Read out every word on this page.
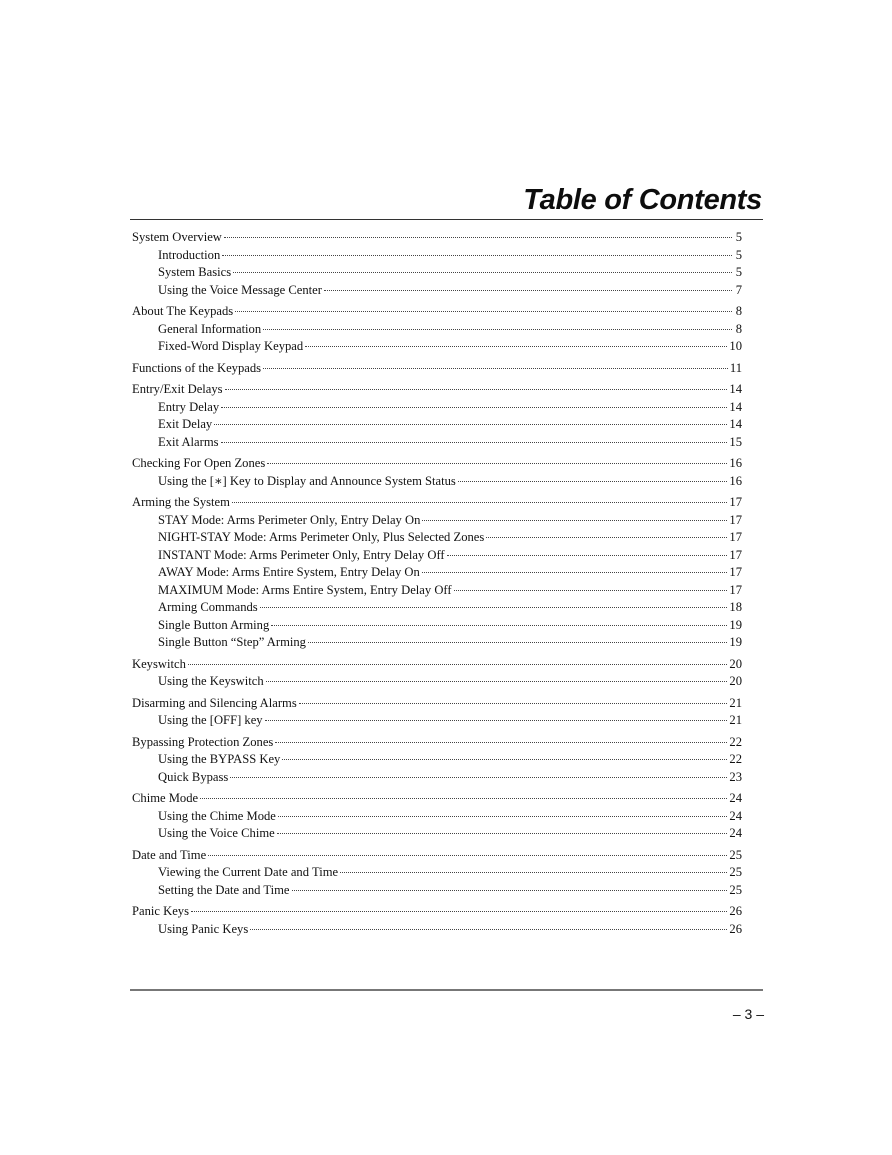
Table of Contents
System Overview	5
Introduction	5
System Basics	5
Using the Voice Message Center	7
About The Keypads	8
General Information	8
Fixed-Word Display Keypad	10
Functions of the Keypads	11
Entry/Exit Delays	14
Entry Delay	14
Exit Delay	14
Exit Alarms	15
Checking For Open Zones	16
Using the [∗] Key to Display and Announce System Status	16
Arming the System	17
STAY Mode: Arms Perimeter Only, Entry Delay On	17
NIGHT-STAY Mode: Arms Perimeter Only, Plus Selected Zones	17
INSTANT Mode: Arms Perimeter Only, Entry Delay Off	17
AWAY Mode: Arms Entire System, Entry Delay On	17
MAXIMUM Mode: Arms Entire System, Entry Delay Off	17
Arming Commands	18
Single Button Arming	19
Single Button “Step” Arming	19
Keyswitch	20
Using the Keyswitch	20
Disarming and Silencing Alarms	21
Using the [OFF] key	21
Bypassing Protection Zones	22
Using the BYPASS Key	22
Quick Bypass	23
Chime Mode	24
Using the Chime Mode	24
Using the Voice Chime	24
Date and Time	25
Viewing the Current Date and Time	25
Setting the Date and Time	25
Panic Keys	26
Using Panic Keys	26
– 3 –
